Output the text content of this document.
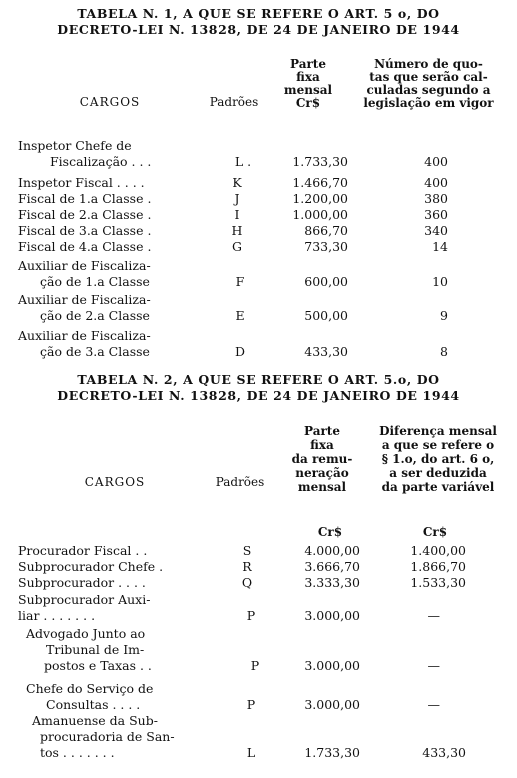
TABELA N. 1, A QUE SE REFERE O ART. 5 o, DO
DECRETO-LEI N. 13828, DE 24 DE JANEIRO DE 1944
CARGOS	Padrões
Parte
fixa
mensal
Cr$
Número de quo-
tas que serão cal-
culadas segundo a
legislação em vigor
Inspetor Chefe de
Fiscalização . . .	L .	1.733,30	400
Inspetor Fiscal . . . .	K	1.466,70	400
Fiscal de 1.a Classe .	J	1.200,00	380
Fiscal de 2.a Classe .	I	1.000,00	360
Fiscal de 3.a Classe .	H	866,70	340
Fiscal de 4.a Classe .	G	733,30	14
Auxiliar de Fiscaliza-
ção de 1.a Classe	F	600,00	10
Auxiliar de Fiscaliza-
ção de 2.a Classe	E	500,00	9
Auxiliar de Fiscaliza-
ção de 3.a Classe	D	433,30	8
TABELA N. 2, A QUE SE REFERE O ART. 5.o, DO
DECRETO-LEI N. 13828, DE 24 DE JANEIRO DE 1944
CARGOS	Padrões
Parte
fixa
da remu-
neração
mensal
Diferença mensal
a que se refere o
§ 1.o, do art. 6 o,
a ser deduzida
da parte variável
Cr$	Cr$
Procurador Fiscal . .	S	4.000,00	1.400,00
Subprocurador Chefe .	R	3.666,70	1.866,70
Subprocurador . . . .	Q	3.333,30	1.533,30
Subprocurador Auxi-
liar . . . . . . .	P	3.000,00	—
Advogado Junto ao
Tribunal de Im-
postos e Taxas . .	P	3.000,00	—
Chefe do Serviço de
Consultas . . . .	P	3.000,00	—
Amanuense da Sub-
procuradoria de San-
tos . . . . . . .	L	1.733,30	433,30
